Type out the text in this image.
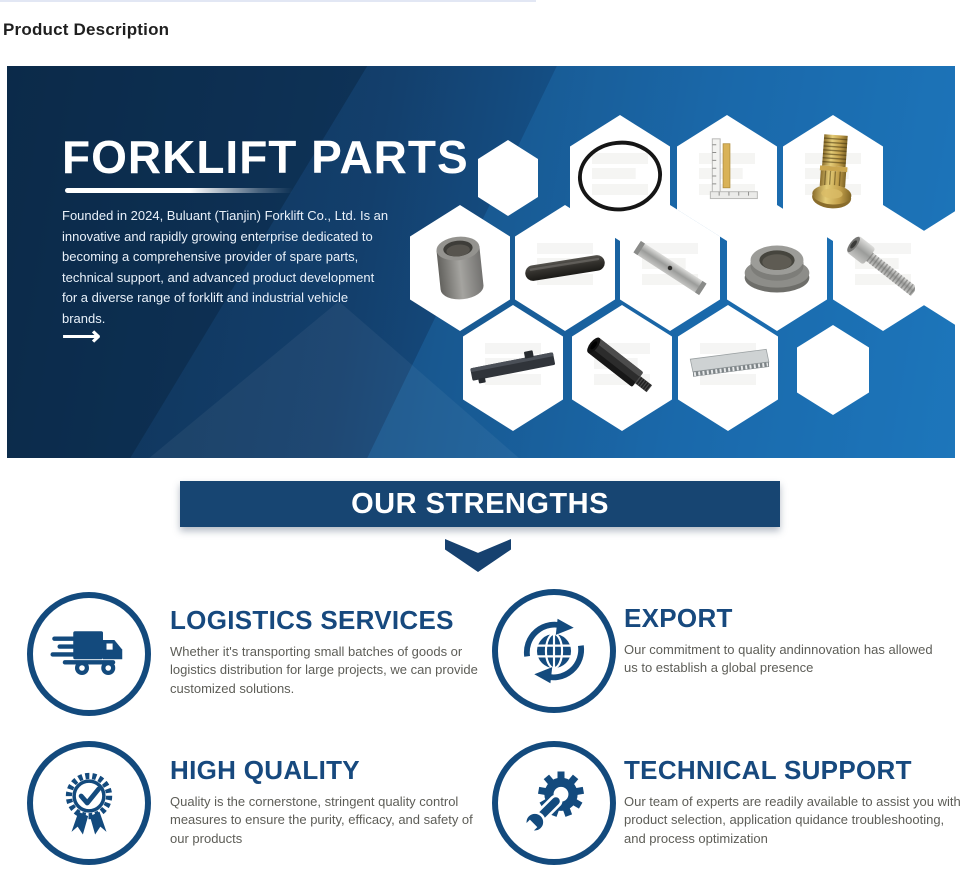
Product Description
FORKLIFT PARTS
Founded in 2024, Buluant (Tianjin) Forklift Co., Ltd. Is an innovative and rapidly growing enterprise dedicated to becoming a comprehensive provider of spare parts, technical support, and advanced product development for a diverse range of forklift and industrial vehicle brands.
⟶
OUR STRENGTHS
LOGISTICS SERVICES
Whether it's transporting small batches of goods or logistics distribution for large projects, we can provide customized solutions.
EXPORT
Our commitment to quality andinnovation has allowed us to establish a global presence
HIGH QUALITY
Quality is the cornerstone, stringent quality control measures to ensure the purity, efficacy, and safety of our products
TECHNICAL SUPPORT
Our team of experts are readily available to assist you with product selection, application quidance troubleshooting, and process optimization
